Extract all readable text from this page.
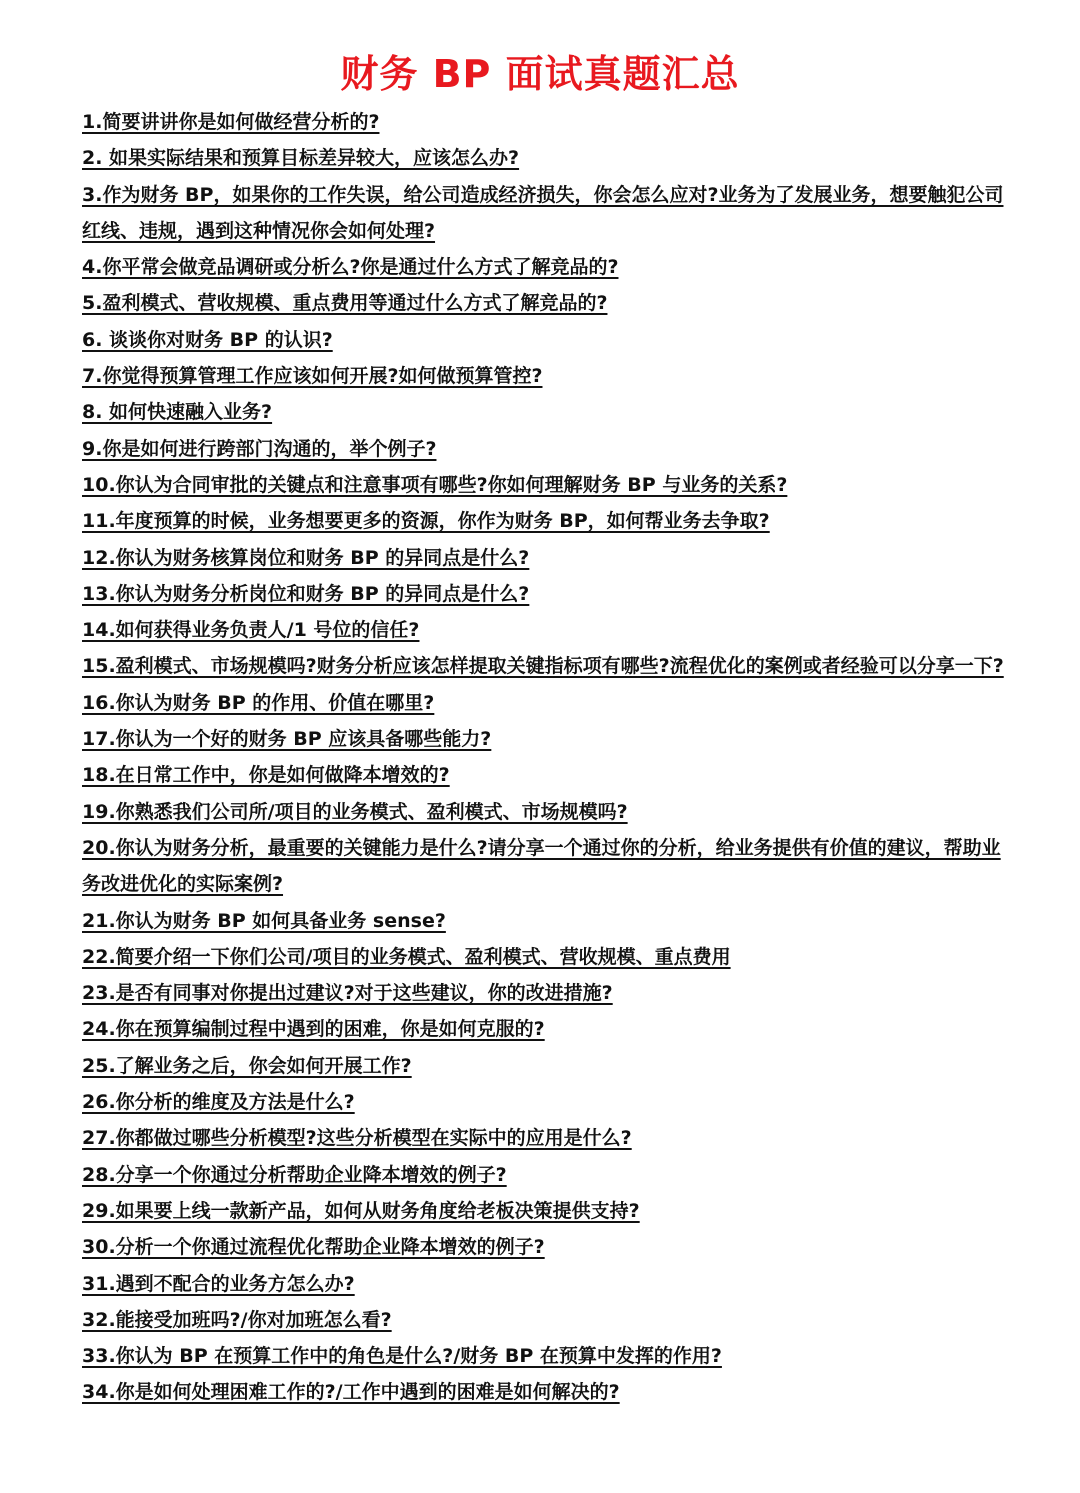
财务 BP 面试真题汇总
1.简要讲讲你是如何做经营分析的?
2. 如果实际结果和预算目标差异较大，应该怎么办?
3.作为财务 BP，如果你的工作失误，给公司造成经济损失，你会怎么应对?业务为了发展业务，想要触犯公司红线、违规，遇到这种情况你会如何处理?
4.你平常会做竞品调研或分析么?你是通过什么方式了解竞品的?
5.盈利模式、营收规模、重点费用等通过什么方式了解竞品的?
6. 谈谈你对财务 BP 的认识?
7.你觉得预算管理工作应该如何开展?如何做预算管控?
8. 如何快速融入业务?
9.你是如何进行跨部门沟通的，举个例子?
10.你认为合同审批的关键点和注意事项有哪些?你如何理解财务 BP 与业务的关系?
11.年度预算的时候，业务想要更多的资源，你作为财务 BP，如何帮业务去争取?
12.你认为财务核算岗位和财务 BP 的异同点是什么?
13.你认为财务分析岗位和财务 BP 的异同点是什么?
14.如何获得业务负责人/1 号位的信任?
15.盈利模式、市场规模吗?财务分析应该怎样提取关键指标项有哪些?流程优化的案例或者经验可以分享一下?
16.你认为财务 BP 的作用、价值在哪里?
17.你认为一个好的财务 BP 应该具备哪些能力?
18.在日常工作中，你是如何做降本增效的?
19.你熟悉我们公司所/项目的业务模式、盈利模式、市场规模吗?
20.你认为财务分析，最重要的关键能力是什么?请分享一个通过你的分析，给业务提供有价值的建议，帮助业务改进优化的实际案例?
21.你认为财务 BP 如何具备业务 sense?
22.简要介绍一下你们公司/项目的业务模式、盈利模式、营收规模、重点费用
23.是否有同事对你提出过建议?对于这些建议，你的改进措施?
24.你在预算编制过程中遇到的困难，你是如何克服的?
25.了解业务之后，你会如何开展工作?
26.你分析的维度及方法是什么?
27.你都做过哪些分析模型?这些分析模型在实际中的应用是什么?
28.分享一个你通过分析帮助企业降本增效的例子?
29.如果要上线一款新产品，如何从财务角度给老板决策提供支持?
30.分析一个你通过流程优化帮助企业降本增效的例子?
31.遇到不配合的业务方怎么办?
32.能接受加班吗?/你对加班怎么看?
33.你认为 BP 在预算工作中的角色是什么?/财务 BP 在预算中发挥的作用?
34.你是如何处理困难工作的?/工作中遇到的困难是如何解决的?
